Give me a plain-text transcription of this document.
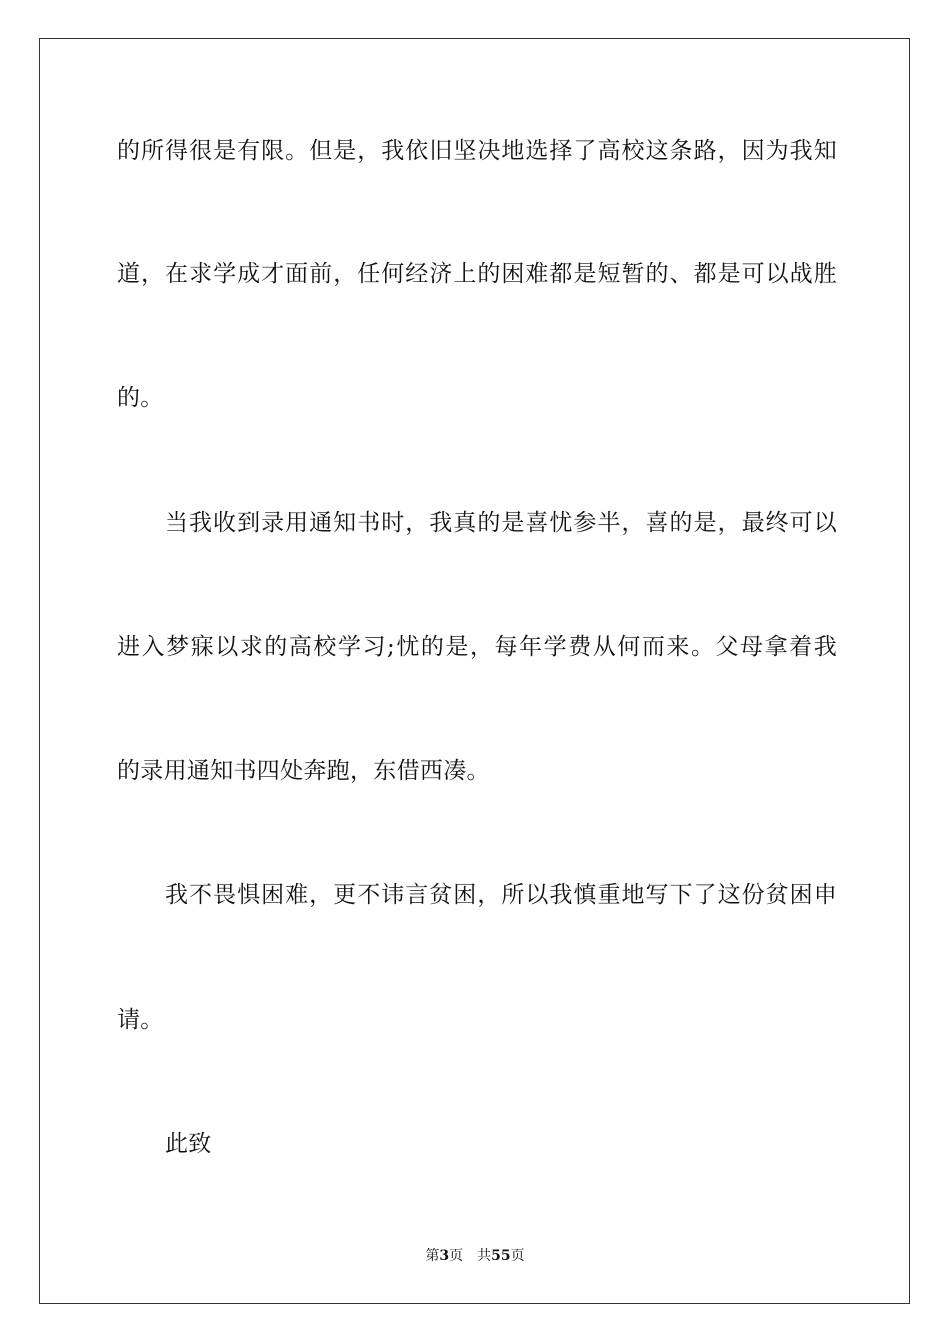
的所得很是有限。但是，我依旧坚决地选择了高校这条路，因为我知
道，在求学成才面前，任何经济上的困难都是短暂的、都是可以战胜
的。
当我收到录用通知书时，我真的是喜忧参半，喜的是，最终可以
进入梦寐以求的高校学习;忧的是，每年学费从何而来。父母拿着我
的录用通知书四处奔跑，东借西凑。
我不畏惧困难，更不讳言贫困，所以我慎重地写下了这份贫困申
请。
此致
第3页 共55页
